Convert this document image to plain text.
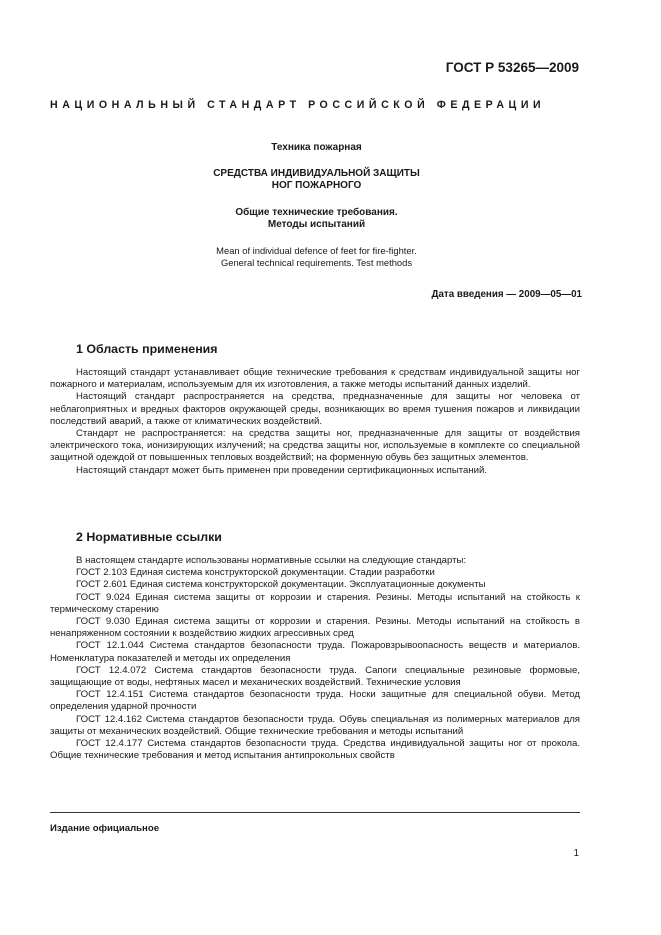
ГОСТ Р 53265—2009
НАЦИОНАЛЬНЫЙ СТАНДАРТ РОССИЙСКОЙ ФЕДЕРАЦИИ
Техника пожарная
СРЕДСТВА ИНДИВИДУАЛЬНОЙ ЗАЩИТЫ
НОГ ПОЖАРНОГО
Общие технические требования.
Методы испытаний
Mean of individual defence of feet for fire-fighter.
General technical requirements. Test methods
Дата введения — 2009—05—01
1 Область применения

Настоящий стандарт устанавливает общие технические требования к средствам индивидуальной защиты ног пожарного и материалам, используемым для их изготовления, а также методы испытаний данных изделий.

Настоящий стандарт распространяется на средства, предназначенные для защиты ног человека от неблагоприятных и вредных факторов окружающей среды, возникающих во время тушения пожаров и ликвидации последствий аварий, а также от климатических воздействий.

Стандарт не распространяется: на средства защиты ног, предназначенные для защиты от воздействия электрического тока, ионизирующих излучений; на средства защиты ног, используемые в комплекте со специальной защитной одеждой от повышенных тепловых воздействий; на форменную обувь без защитных элементов.

Настоящий стандарт может быть применен при проведении сертификационных испытаний.

2 Нормативные ссылки

В настоящем стандарте использованы нормативные ссылки на следующие стандарты:

ГОСТ 2.103 Единая система конструкторской документации. Стадии разработки

ГОСТ 2.601 Единая система конструкторской документации. Эксплуатационные документы

ГОСТ 9.024 Единая система защиты от коррозии и старения. Резины. Методы испытаний на стойкость к термическому старению

ГОСТ 9.030 Единая система защиты от коррозии и старения. Резины. Методы испытаний на стойкость в ненапряженном состоянии к воздействию жидких агрессивных сред

ГОСТ 12.1.044 Система стандартов безопасности труда. Пожаровзрывоопасность веществ и материалов. Номенклатура показателей и методы их определения

ГОСТ 12.4.072 Система стандартов безопасности труда. Сапоги специальные резиновые формовые, защищающие от воды, нефтяных масел и механических воздействий. Технические условия

ГОСТ 12.4.151 Система стандартов безопасности труда. Носки защитные для специальной обуви. Метод определения ударной прочности

ГОСТ 12.4.162 Система стандартов безопасности труда. Обувь специальная из полимерных материалов для защиты от механических воздействий. Общие технические требования и методы испытаний

ГОСТ 12.4.177 Система стандартов безопасности труда. Средства индивидуальной защиты ног от прокола. Общие технические требования и метод испытания антипрокольных свойств

Издание официальное
1
